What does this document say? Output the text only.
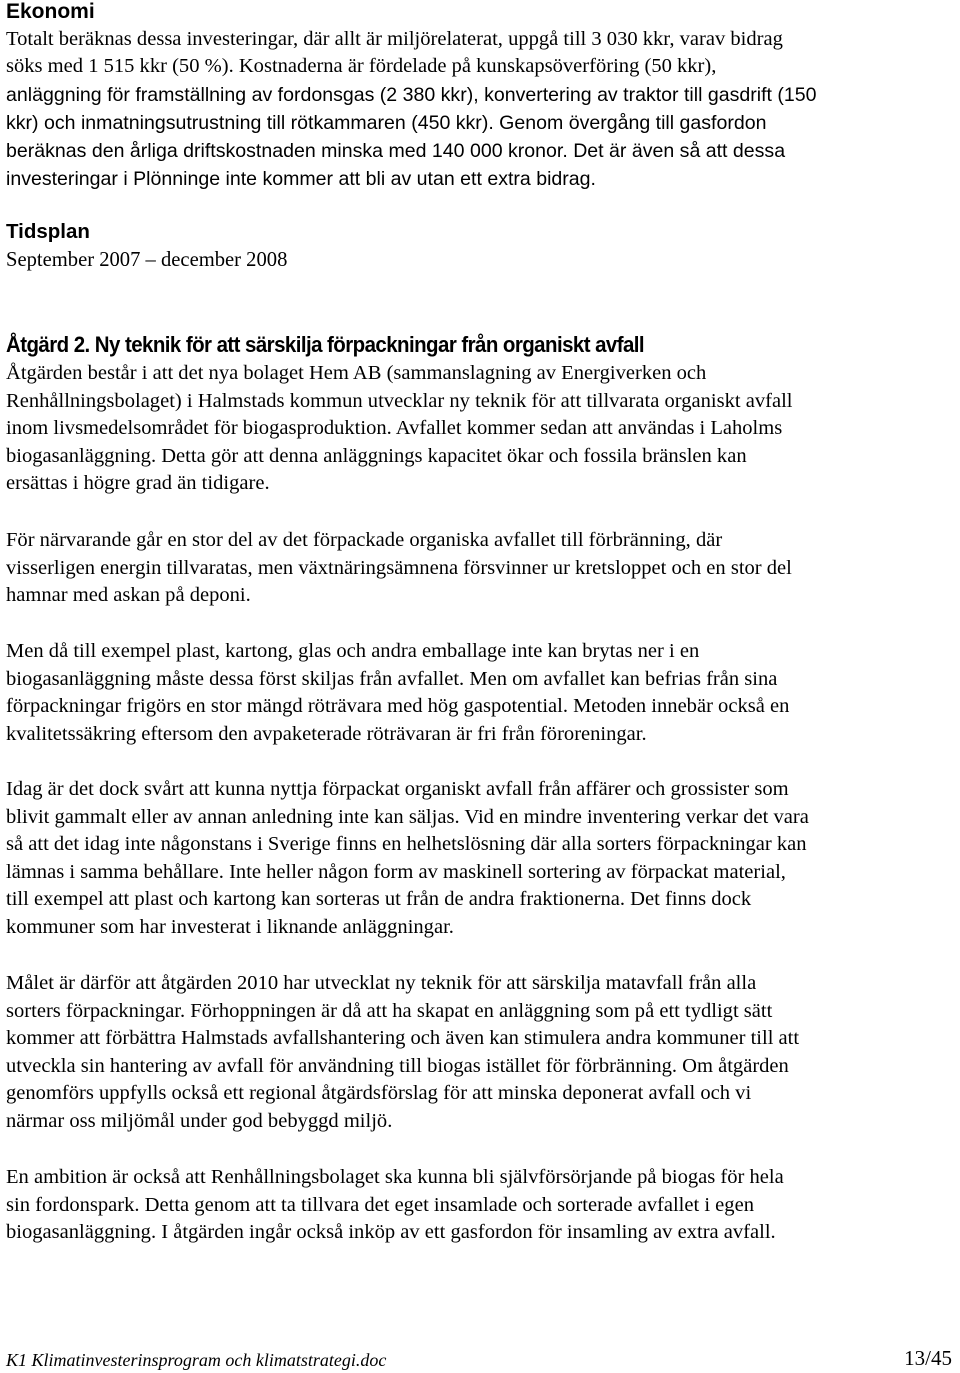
Ekonomi
Totalt beräknas dessa investeringar, där allt är miljörelaterat, uppgå till 3 030 kkr, varav bidrag
söks med 1 515 kkr (50 %). Kostnaderna är fördelade på kunskapsöverföring (50 kkr),
anläggning för framställning av fordonsgas (2 380 kkr), konvertering av traktor till gasdrift (150
kkr) och inmatningsutrustning till rötkammaren (450 kkr). Genom övergång till gasfordon
beräknas den årliga driftskostnaden minska med 140 000 kronor. Det är även så att dessa
investeringar i Plönninge inte kommer att bli av utan ett extra bidrag.
Tidsplan
September 2007 – december 2008
Åtgärd 2. Ny teknik för att särskilja förpackningar från organiskt avfall
Åtgärden består i att det nya bolaget Hem AB (sammanslagning av Energiverken och
Renhållningsbolaget) i Halmstads kommun utvecklar ny teknik för att tillvarata organiskt avfall
inom livsmedelsområdet för biogasproduktion. Avfallet kommer sedan att användas i Laholms
biogasanläggning. Detta gör att denna anläggnings kapacitet ökar och fossila bränslen kan
ersättas i högre grad än tidigare.
För närvarande går en stor del av det förpackade organiska avfallet till förbränning, där
visserligen energin tillvaratas, men växtnäringsämnena försvinner ur kretsloppet och en stor del
hamnar med askan på deponi.
Men då till exempel plast, kartong, glas och andra emballage inte kan brytas ner i en
biogasanläggning måste dessa först skiljas från avfallet. Men om avfallet kan befrias från sina
förpackningar frigörs en stor mängd röträvara med hög gaspotential. Metoden innebär också en
kvalitetssäkring eftersom den avpaketerade röträvaran är fri från föroreningar.
Idag är det dock svårt att kunna nyttja förpackat organiskt avfall från affärer och grossister som
blivit gammalt eller av annan anledning inte kan säljas. Vid en mindre inventering verkar det vara
så att det idag inte någonstans i Sverige finns en helhetslösning där alla sorters förpackningar kan
lämnas i samma behållare. Inte heller någon form av maskinell sortering av förpackat material,
till exempel att plast och kartong kan sorteras ut från de andra fraktionerna. Det finns dock
kommuner som har investerat i liknande anläggningar.
Målet är därför att åtgärden 2010 har utvecklat ny teknik för att särskilja matavfall från alla
sorters förpackningar. Förhoppningen är då att ha skapat en anläggning som på ett tydligt sätt
kommer att förbättra Halmstads avfallshantering och även kan stimulera andra kommuner till att
utveckla sin hantering av avfall för användning till biogas istället för förbränning. Om åtgärden
genomförs uppfylls också ett regional åtgärdsförslag för att minska deponerat avfall och vi
närmar oss miljömål under god bebyggd miljö.
En ambition är också att Renhållningsbolaget ska kunna bli självförsörjande på biogas för hela
sin fordonspark. Detta genom att ta tillvara det eget insamlade och sorterade avfallet i egen
biogasanläggning. I åtgärden ingår också inköp av ett gasfordon för insamling av extra avfall.
K1 Klimatinvesterinsprogram och klimatstrategi.doc	13/45
